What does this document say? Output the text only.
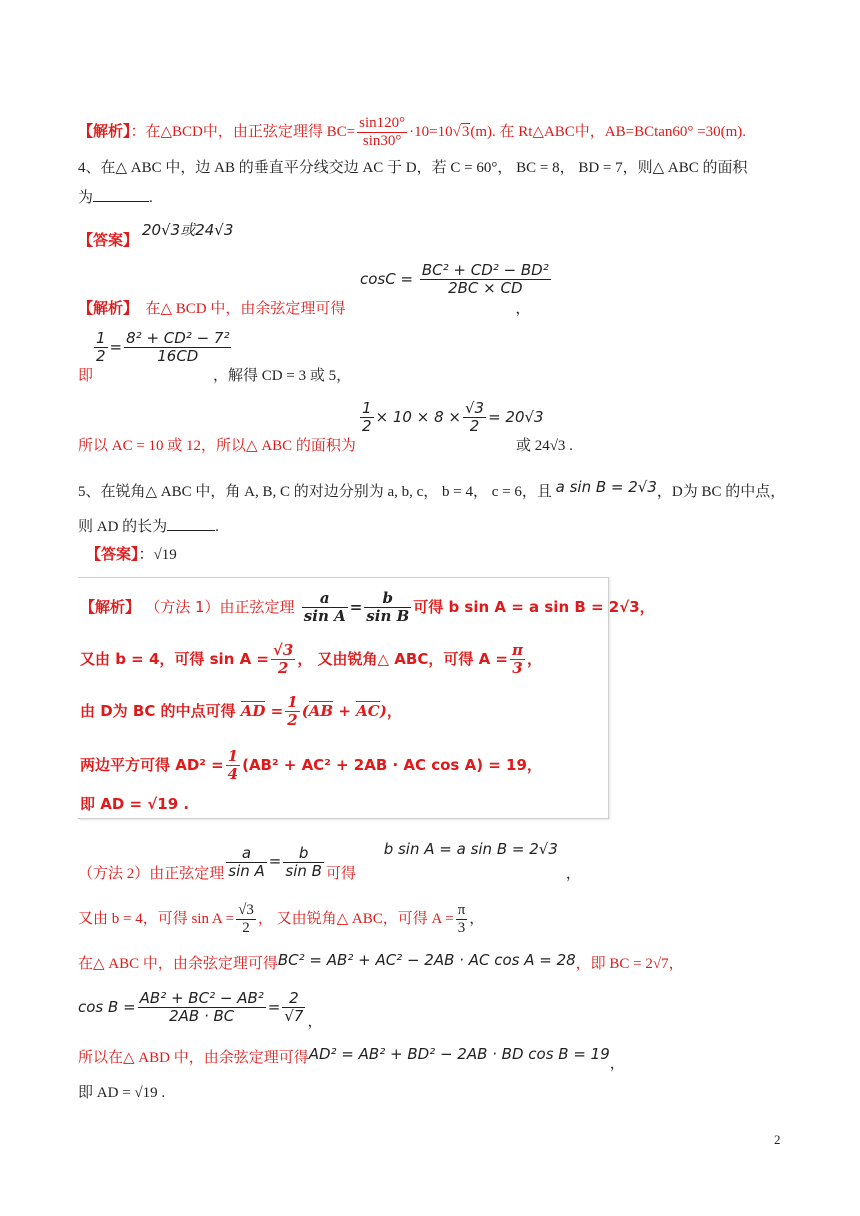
【解析】：在△BCD中，由正弦定理得 $BC= \frac{\sin 120^\circ}{\sin 30^\circ} \cdot 10=10√3(m)$. 在 Rt△ABC中，AB=BCtan60° =30(m).
4、在△ ABC 中，边 AB 的垂直平分线交边 AC 于 D，若 C = 60°， BC = 8， BD = 7，则△ ABC 的面积
为	.
【答案】20√3或24√3
$\cos C = \frac{\text{BC² + CD² − BD²}}{2BC \times CD}$
【解析】 在△ BCD 中，由余弦定理可得	，
$\frac{1}{2} = \frac{\text{8² + CD² − 7²}}{16CD}$
即	，解得 CD = 3 或 5，
$\frac{1}{2} \times 10 \times 8 \times \frac{√3}{2} = 20√3$
所以 AC = 10 或 12，所以△ ABC 的面积为	或 24√3 .
5、在锐角△ ABC 中，角 A, B, C 的对边分别为 a, b, c， b = 4， c = 6，且 a sin B = 2√3，D为 BC 的中点，
则 AD 的长为	.
【答案】：√19
【解析】 （方法 1）由正弦定理 $\frac{a}{\text{sin A}} = \frac{b}{\text{sin B}}$ 可得 b sin A = a sin B = 2√3，
又由 b = 4，可得 $\sin A = \frac{√3}{2}$ ， 又由锐角△ ABC，可得 $A = \frac{\pi}{3}$ ，
由 D为 BC 的中点可得 AD = $\frac{1}{2} (AB + AC)$，
两边平方可得 $AD^2 = \frac{1}{4} (AB^2 + AC^2 + 2AB$ · AC cos A) = 19，
即 AD = √19 .
（方法 2）由正弦定理 $\frac{a}{\text{sin A}} = \frac{b}{\text{sin B}}$ 可得 b sin A = a sin B = 2√3，
又由 b = 4，可得 $\sin A = \frac{√3}{2}$ ， 又由锐角△ ABC，可得 $A = \frac{\pi}{3}$ ，
在△ ABC 中，由余弦定理可得BC² = AB² + AC² − 2AB · AC cos A = 28，即 BC = 2√7，
$\cos B = \frac{\text{AB² + BC² − AB²}}{2AB \cdot BC} = \frac{2}{√7}$ ，
所以在△ ABD 中，由余弦定理可得AD² = AB² + BD² − 2AB · BD cos B = 19，
即 AD = √19 .
2
